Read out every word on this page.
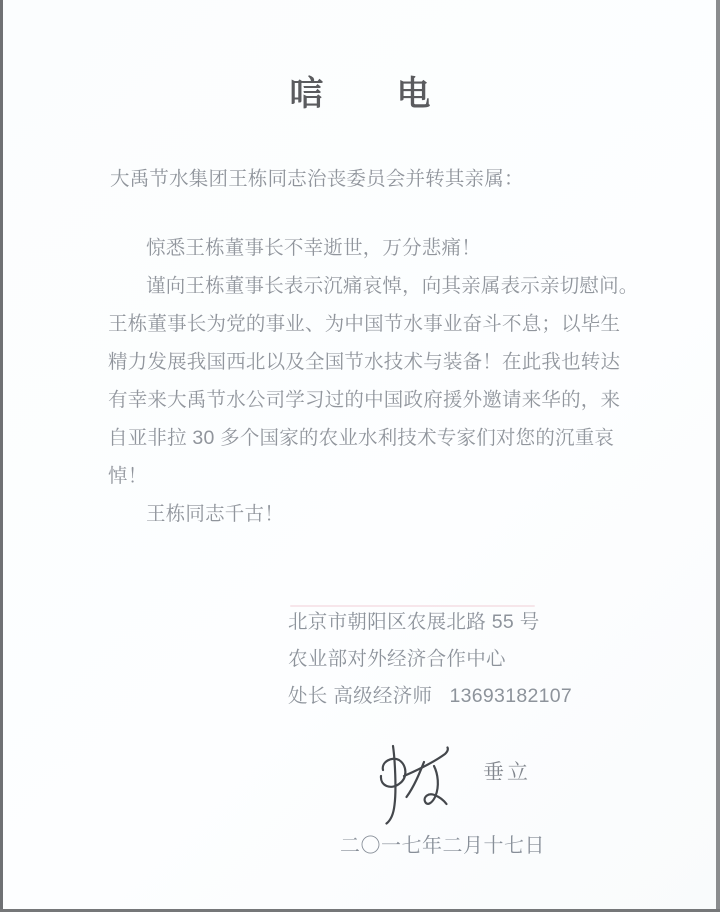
唁 电
大禹节水集团王栋同志治丧委员会并转其亲属：
惊悉王栋董事长不幸逝世，万分悲痛！
谨向王栋董事长表示沉痛哀悼，向其亲属表示亲切慰问。
王栋董事长为党的事业、为中国节水事业奋斗不息；以毕生
精力发展我国西北以及全国节水技术与装备！在此我也转达
有幸来大禹节水公司学习过的中国政府援外邀请来华的，来
自亚非拉 30 多个国家的农业水利技术专家们对您的沉重哀
悼！
王栋同志千古！
北京市朝阳区农展北路 55 号
农业部对外经济合作中心
处长 高级经济师   13693182107
垂立
二〇一七年二月十七日
